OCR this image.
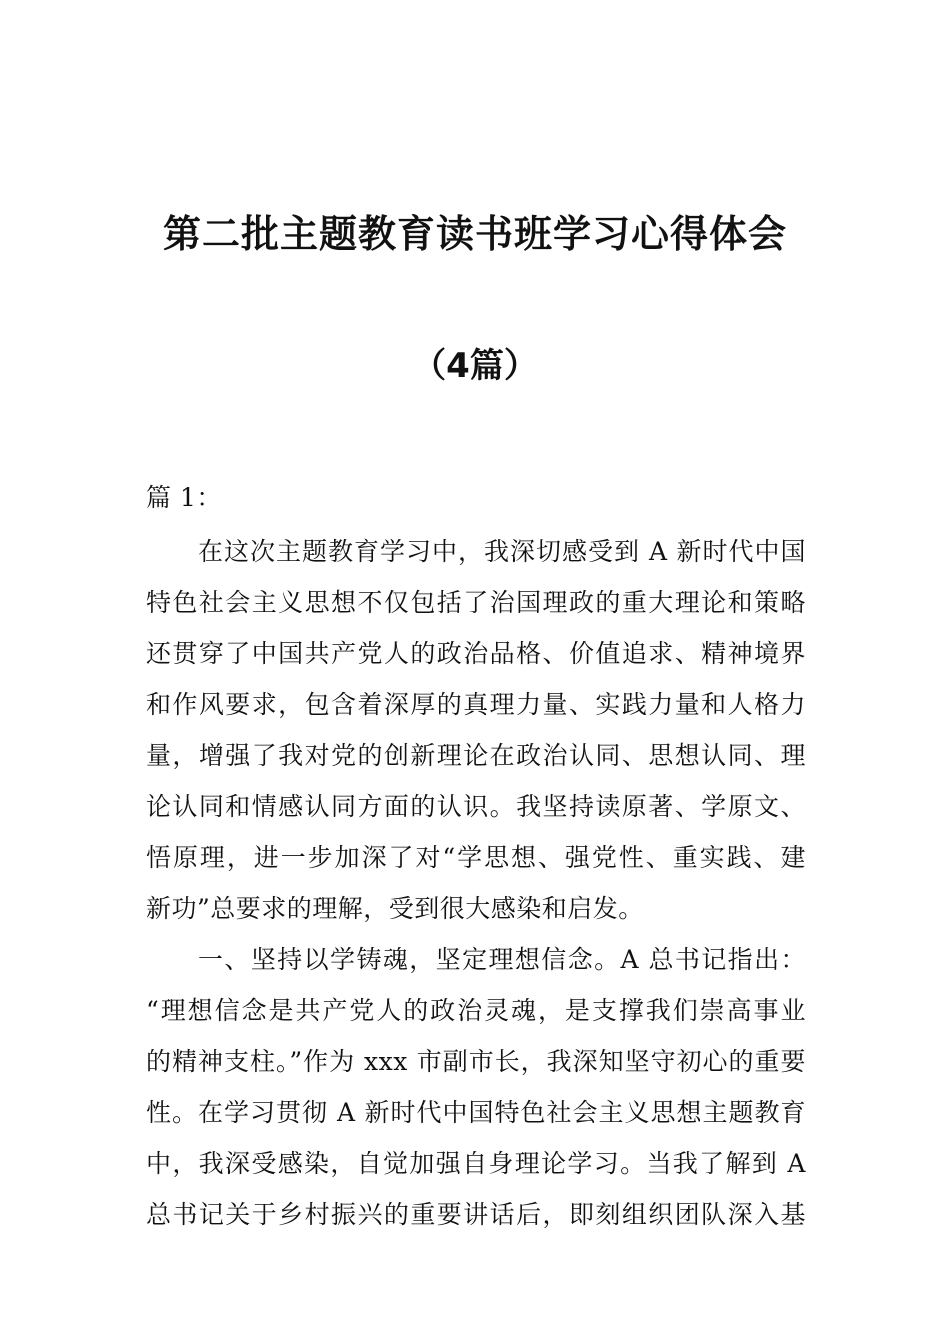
第二批主题教育读书班学习心得体会
（4篇）
篇 1：
在这次主题教育学习中，我深切感受到 A 新时代中国
特色社会主义思想不仅包括了治国理政的重大理论和策略
还贯穿了中国共产党人的政治品格、价值追求、精神境界
和作风要求，包含着深厚的真理力量、实践力量和人格力
量，增强了我对党的创新理论在政治认同、思想认同、理
论认同和情感认同方面的认识。我坚持读原著、学原文、
悟原理，进一步加深了对“学思想、强党性、重实践、建
新功”总要求的理解，受到很大感染和启发。
一、坚持以学铸魂，坚定理想信念。A 总书记指出：
“理想信念是共产党人的政治灵魂，是支撑我们崇高事业
的精神支柱。”作为 xxx 市副市长，我深知坚守初心的重要
性。在学习贯彻 A 新时代中国特色社会主义思想主题教育
中，我深受感染，自觉加强自身理论学习。当我了解到 A
总书记关于乡村振兴的重要讲话后，即刻组织团队深入基
